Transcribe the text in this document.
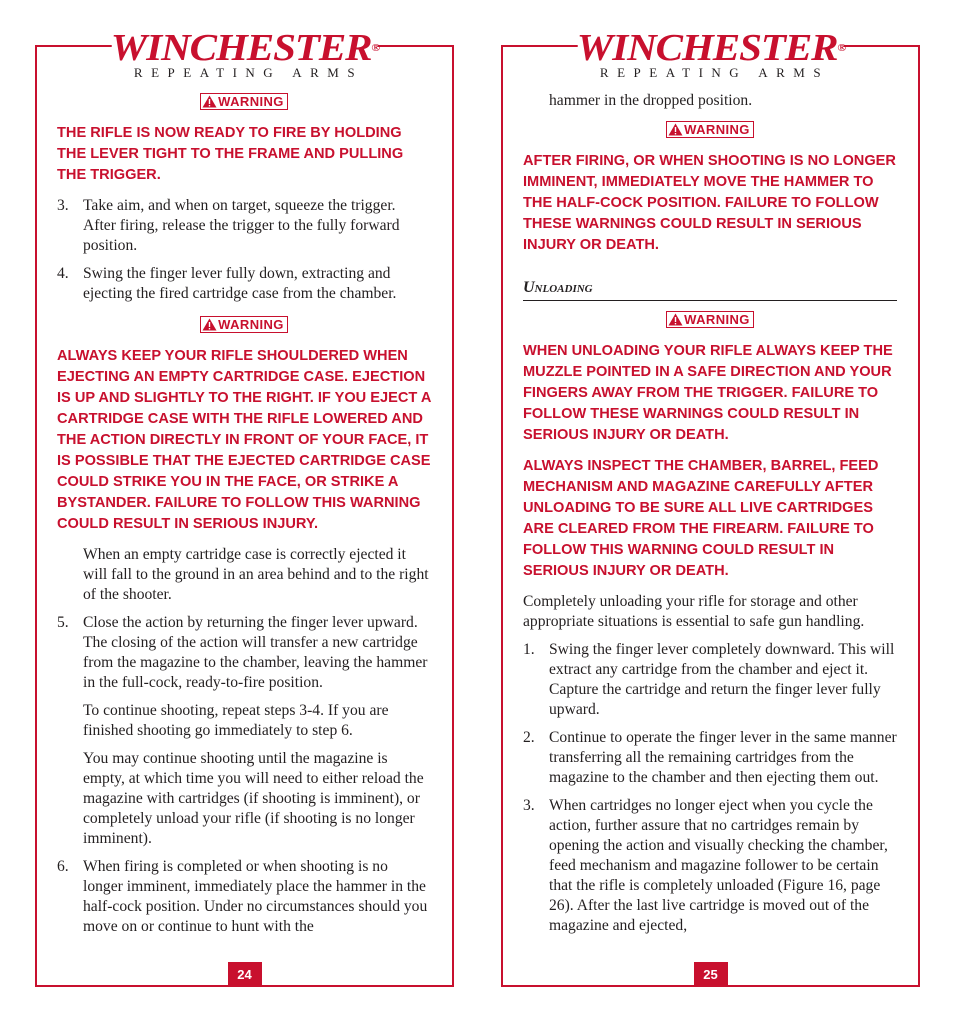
WINCHESTER®
REPEATING ARMS
WARNING

THE RIFLE IS NOW READY TO FIRE BY HOLDING THE LEVER TIGHT TO THE FRAME AND PULLING THE TRIGGER.

3. Take aim, and when on target, squeeze the trigger. After firing, release the trigger to the fully forward position.
4. Swing the finger lever fully down, extracting and ejecting the fired cartridge case from the chamber.
WARNING

ALWAYS KEEP YOUR RIFLE SHOULDERED WHEN EJECTING AN EMPTY CARTRIDGE CASE. EJECTION IS UP AND SLIGHTLY TO THE RIGHT. IF YOU EJECT A CARTRIDGE CASE WITH THE RIFLE LOWERED AND THE ACTION DIRECTLY IN FRONT OF YOUR FACE, IT IS POSSIBLE THAT THE EJECTED CARTRIDGE CASE COULD STRIKE YOU IN THE FACE, OR STRIKE A BYSTANDER. FAILURE TO FOLLOW THIS WARNING COULD RESULT IN SERIOUS INJURY.

When an empty cartridge case is correctly ejected it will fall to the ground in an area behind and to the right of the shooter.

5. Close the action by returning the finger lever upward. The closing of the action will transfer a new cartridge from the magazine to the chamber, leaving the hammer in the full-cock, ready-to-fire position.

To continue shooting, repeat steps 3-4. If you are finished shooting go immediately to step 6.

You may continue shooting until the magazine is empty, at which time you will need to either reload the magazine with cartridges (if shooting is imminent), or completely unload your rifle (if shooting is no longer imminent).

6. When firing is completed or when shooting is no longer imminent, immediately place the hammer in the half-cock position. Under no circumstances should you move on or continue to hunt with the
24
WINCHESTER®
REPEATING ARMS

hammer in the dropped position.

WARNING

AFTER FIRING, OR WHEN SHOOTING IS NO LONGER IMMINENT, IMMEDIATELY MOVE THE HAMMER TO THE HALF-COCK POSITION. FAILURE TO FOLLOW THESE WARNINGS COULD RESULT IN SERIOUS INJURY OR DEATH.

Unloading
WARNING

WHEN UNLOADING YOUR RIFLE ALWAYS KEEP THE MUZZLE POINTED IN A SAFE DIRECTION AND YOUR FINGERS AWAY FROM THE TRIGGER. FAILURE TO FOLLOW THESE WARNINGS COULD RESULT IN SERIOUS INJURY OR DEATH.

ALWAYS INSPECT THE CHAMBER, BARREL, FEED MECHANISM AND MAGAZINE CAREFULLY AFTER UNLOADING TO BE SURE ALL LIVE CARTRIDGES ARE CLEARED FROM THE FIREARM. FAILURE TO FOLLOW THIS WARNING COULD RESULT IN SERIOUS INJURY OR DEATH.

Completely unloading your rifle for storage and other appropriate situations is essential to safe gun handling.

1. Swing the finger lever completely downward. This will extract any cartridge from the chamber and eject it. Capture the cartridge and return the finger lever fully upward.
2. Continue to operate the finger lever in the same manner transferring all the remaining cartridges from the magazine to the chamber and then ejecting them out.
3. When cartridges no longer eject when you cycle the action, further assure that no cartridges remain by opening the action and visually checking the chamber, feed mechanism and magazine follower to be certain that the rifle is completely unloaded (Figure 16, page 26). After the last live cartridge is moved out of the magazine and ejected,
25
